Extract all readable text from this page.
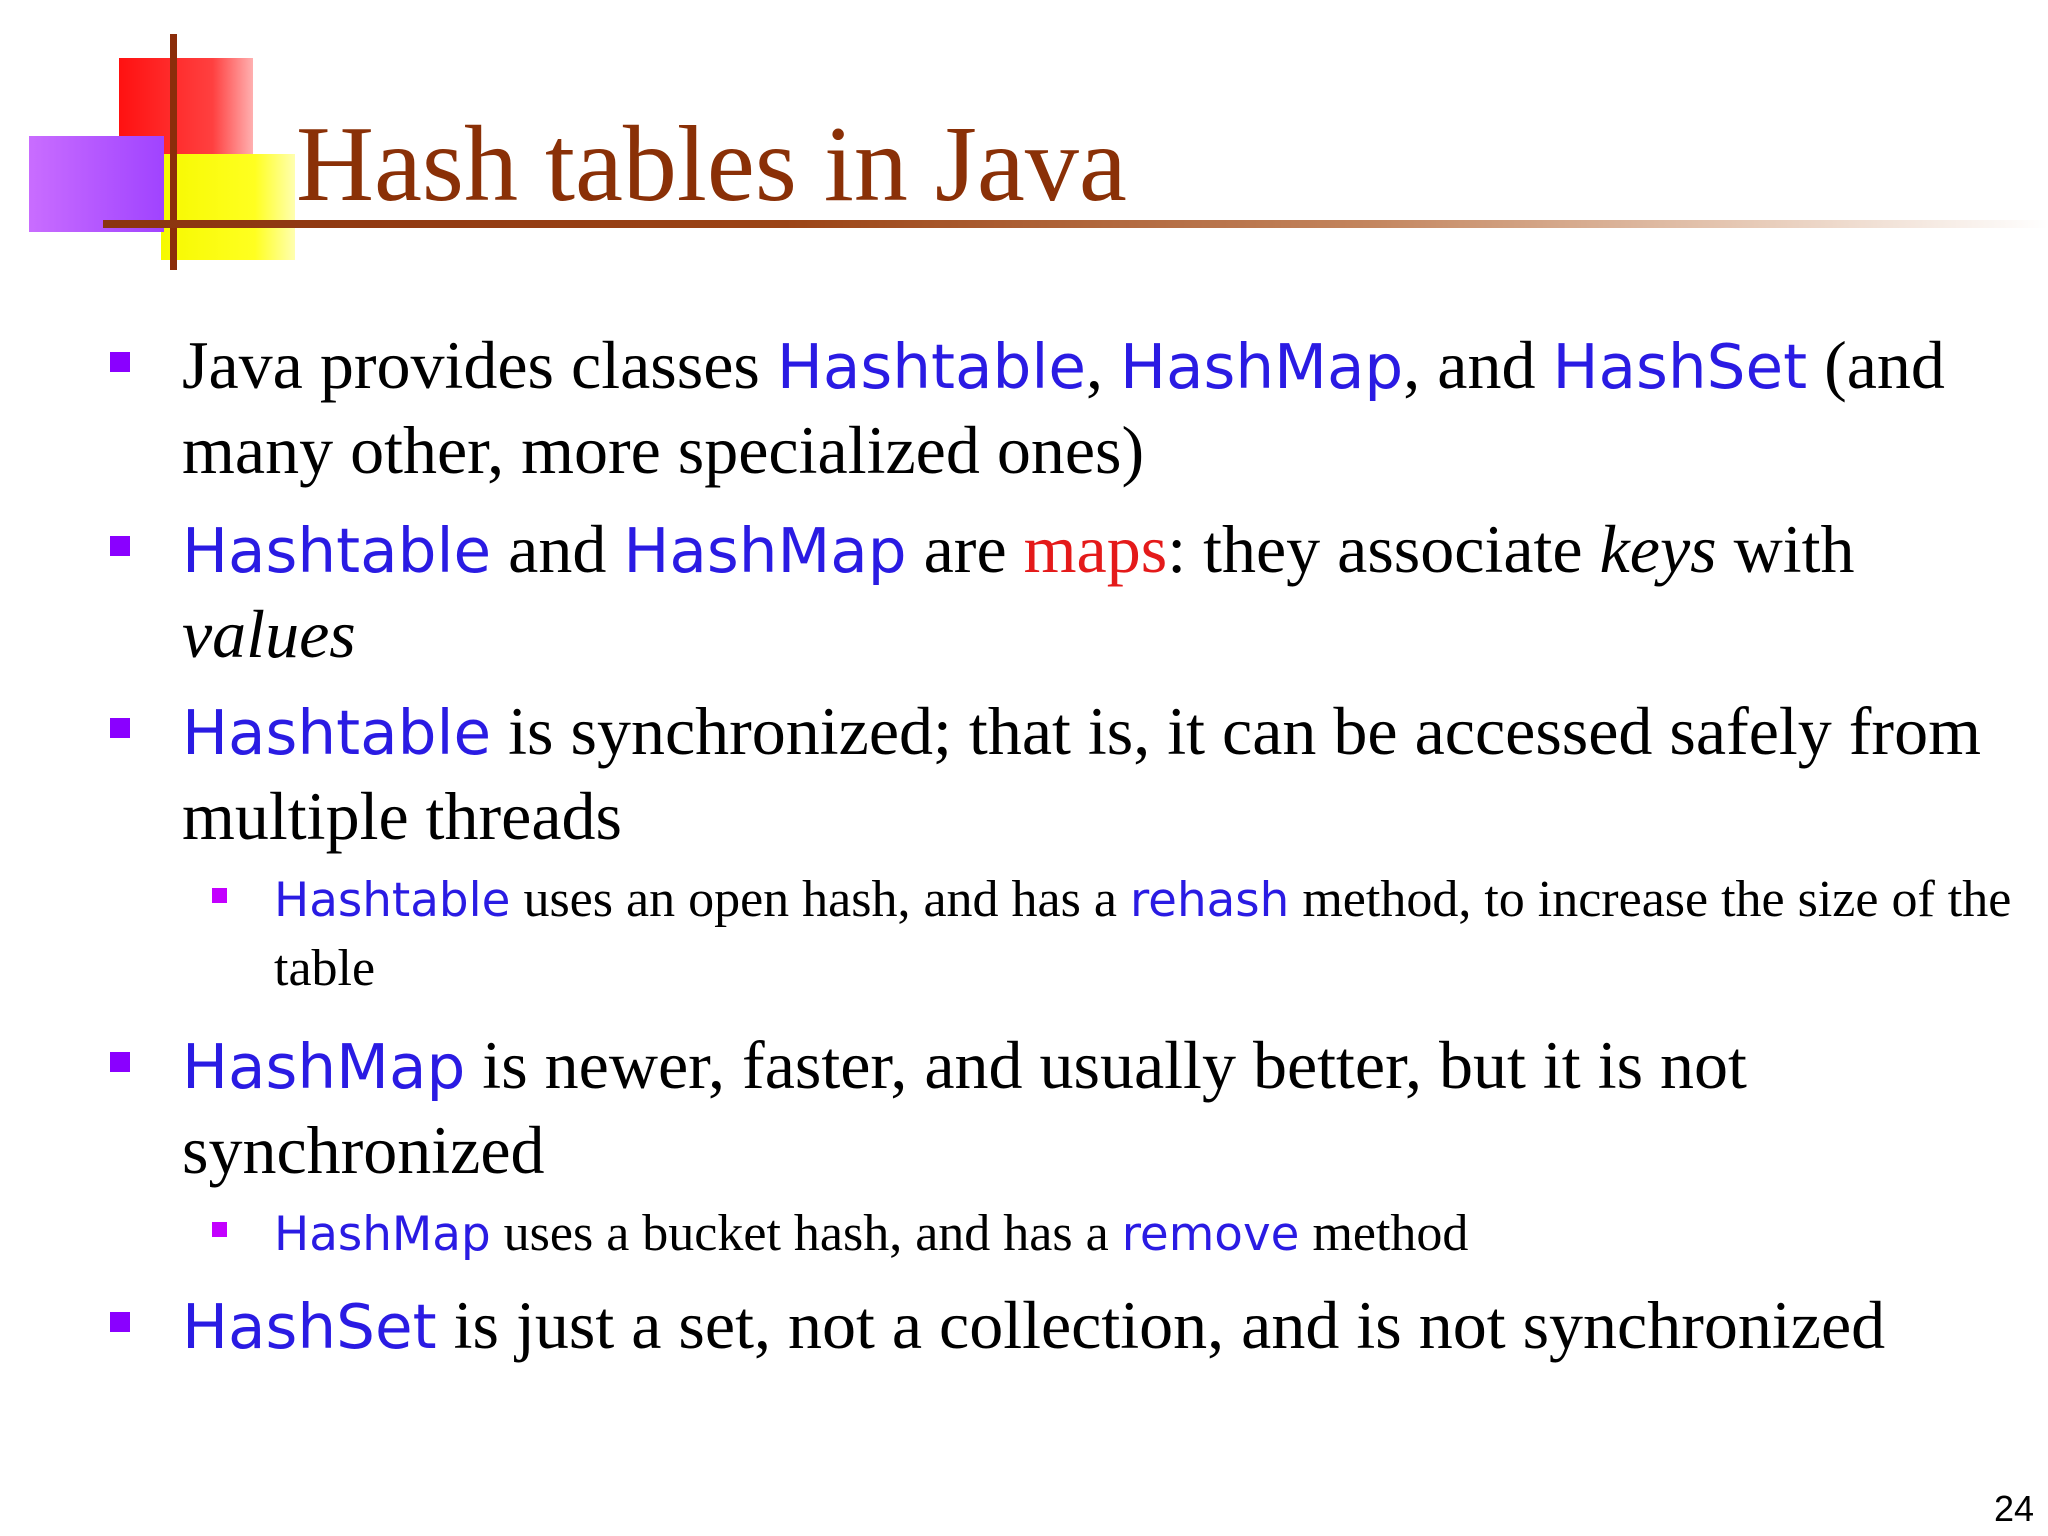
Hash tables in Java
Java provides classes Hashtable, HashMap, and HashSet (and many other, more specialized ones)
Hashtable and HashMap are maps: they associate keys with values
Hashtable is synchronized; that is, it can be accessed safely from multiple threads
Hashtable uses an open hash, and has a rehash method, to increase the size of the table
HashMap is newer, faster, and usually better, but it is not synchronized
HashMap uses a bucket hash, and has a remove method
HashSet is just a set, not a collection, and is not synchronized
24
